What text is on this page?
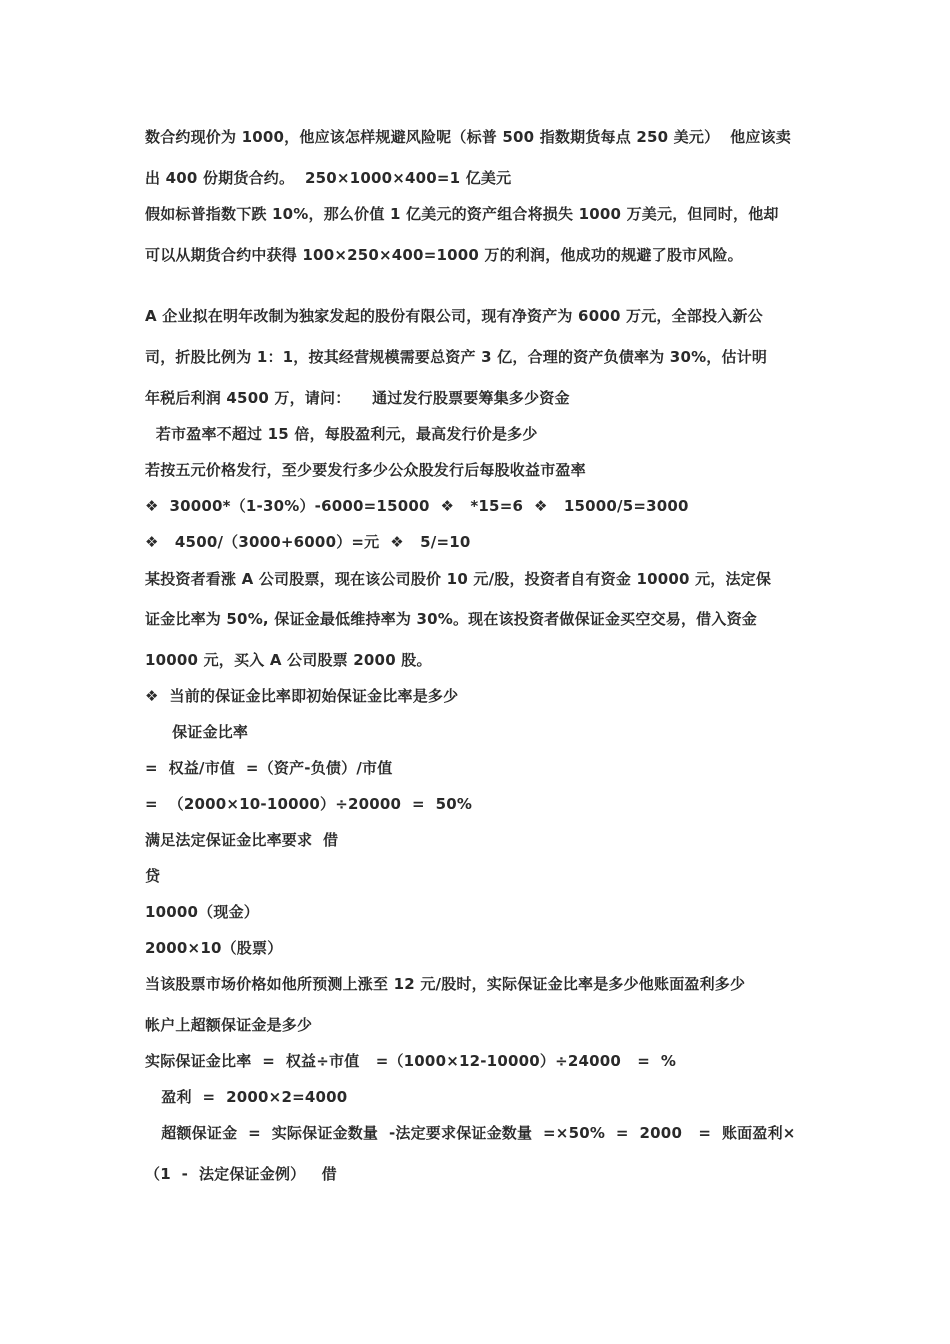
数合约现价为 1000，他应该怎样规避风险呢（标普 500 指数期货每点 250 美元）  他应该卖
出 400 份期货合约。  250×1000×400=1 亿美元
假如标普指数下跌 10%，那么价值 1 亿美元的资产组合将损失 1000 万美元，但同时，他却
可以从期货合约中获得 100×250×400=1000 万的利润，他成功的规避了股市风险。
A 企业拟在明年改制为独家发起的股份有限公司，现有净资产为 6000 万元，全部投入新公
司，折股比例为 1：1，按其经营规模需要总资产 3 亿，合理的资产负债率为 30%，估计明
年税后利润 4500 万，请问：    通过发行股票要筹集多少资金
若市盈率不超过 15 倍，每股盈利元，最高发行价是多少
若按五元价格发行，至少要发行多少公众股发行后每股收益市盈率
❖  30000*（1-30%）-6000=15000  ❖   *15=6  ❖   15000/5=3000
❖   4500/（3000+6000）=元  ❖   5/=10
某投资者看涨 A 公司股票，现在该公司股价 10 元/股，投资者自有资金 10000 元，法定保
证金比率为 50%, 保证金最低维持率为 30%。现在该投资者做保证金买空交易，借入资金
10000 元，买入 A 公司股票 2000 股。
❖  当前的保证金比率即初始保证金比率是多少
保证金比率
=  权益/市值  =（资产-负债）/市值
=  （2000×10-10000）÷20000  =  50%
满足法定保证金比率要求  借
贷
10000（现金）
2000×10（股票）
当该股票市场价格如他所预测上涨至 12 元/股时，实际保证金比率是多少他账面盈利多少
帐户上超额保证金是多少
实际保证金比率  =  权益÷市值   =（1000×12-10000）÷24000   =  %
盈利  =  2000×2=4000
超额保证金  =  实际保证金数量  -法定要求保证金数量  =×50%  =  2000   =  账面盈利×
（1  -  法定保证金例）   借
